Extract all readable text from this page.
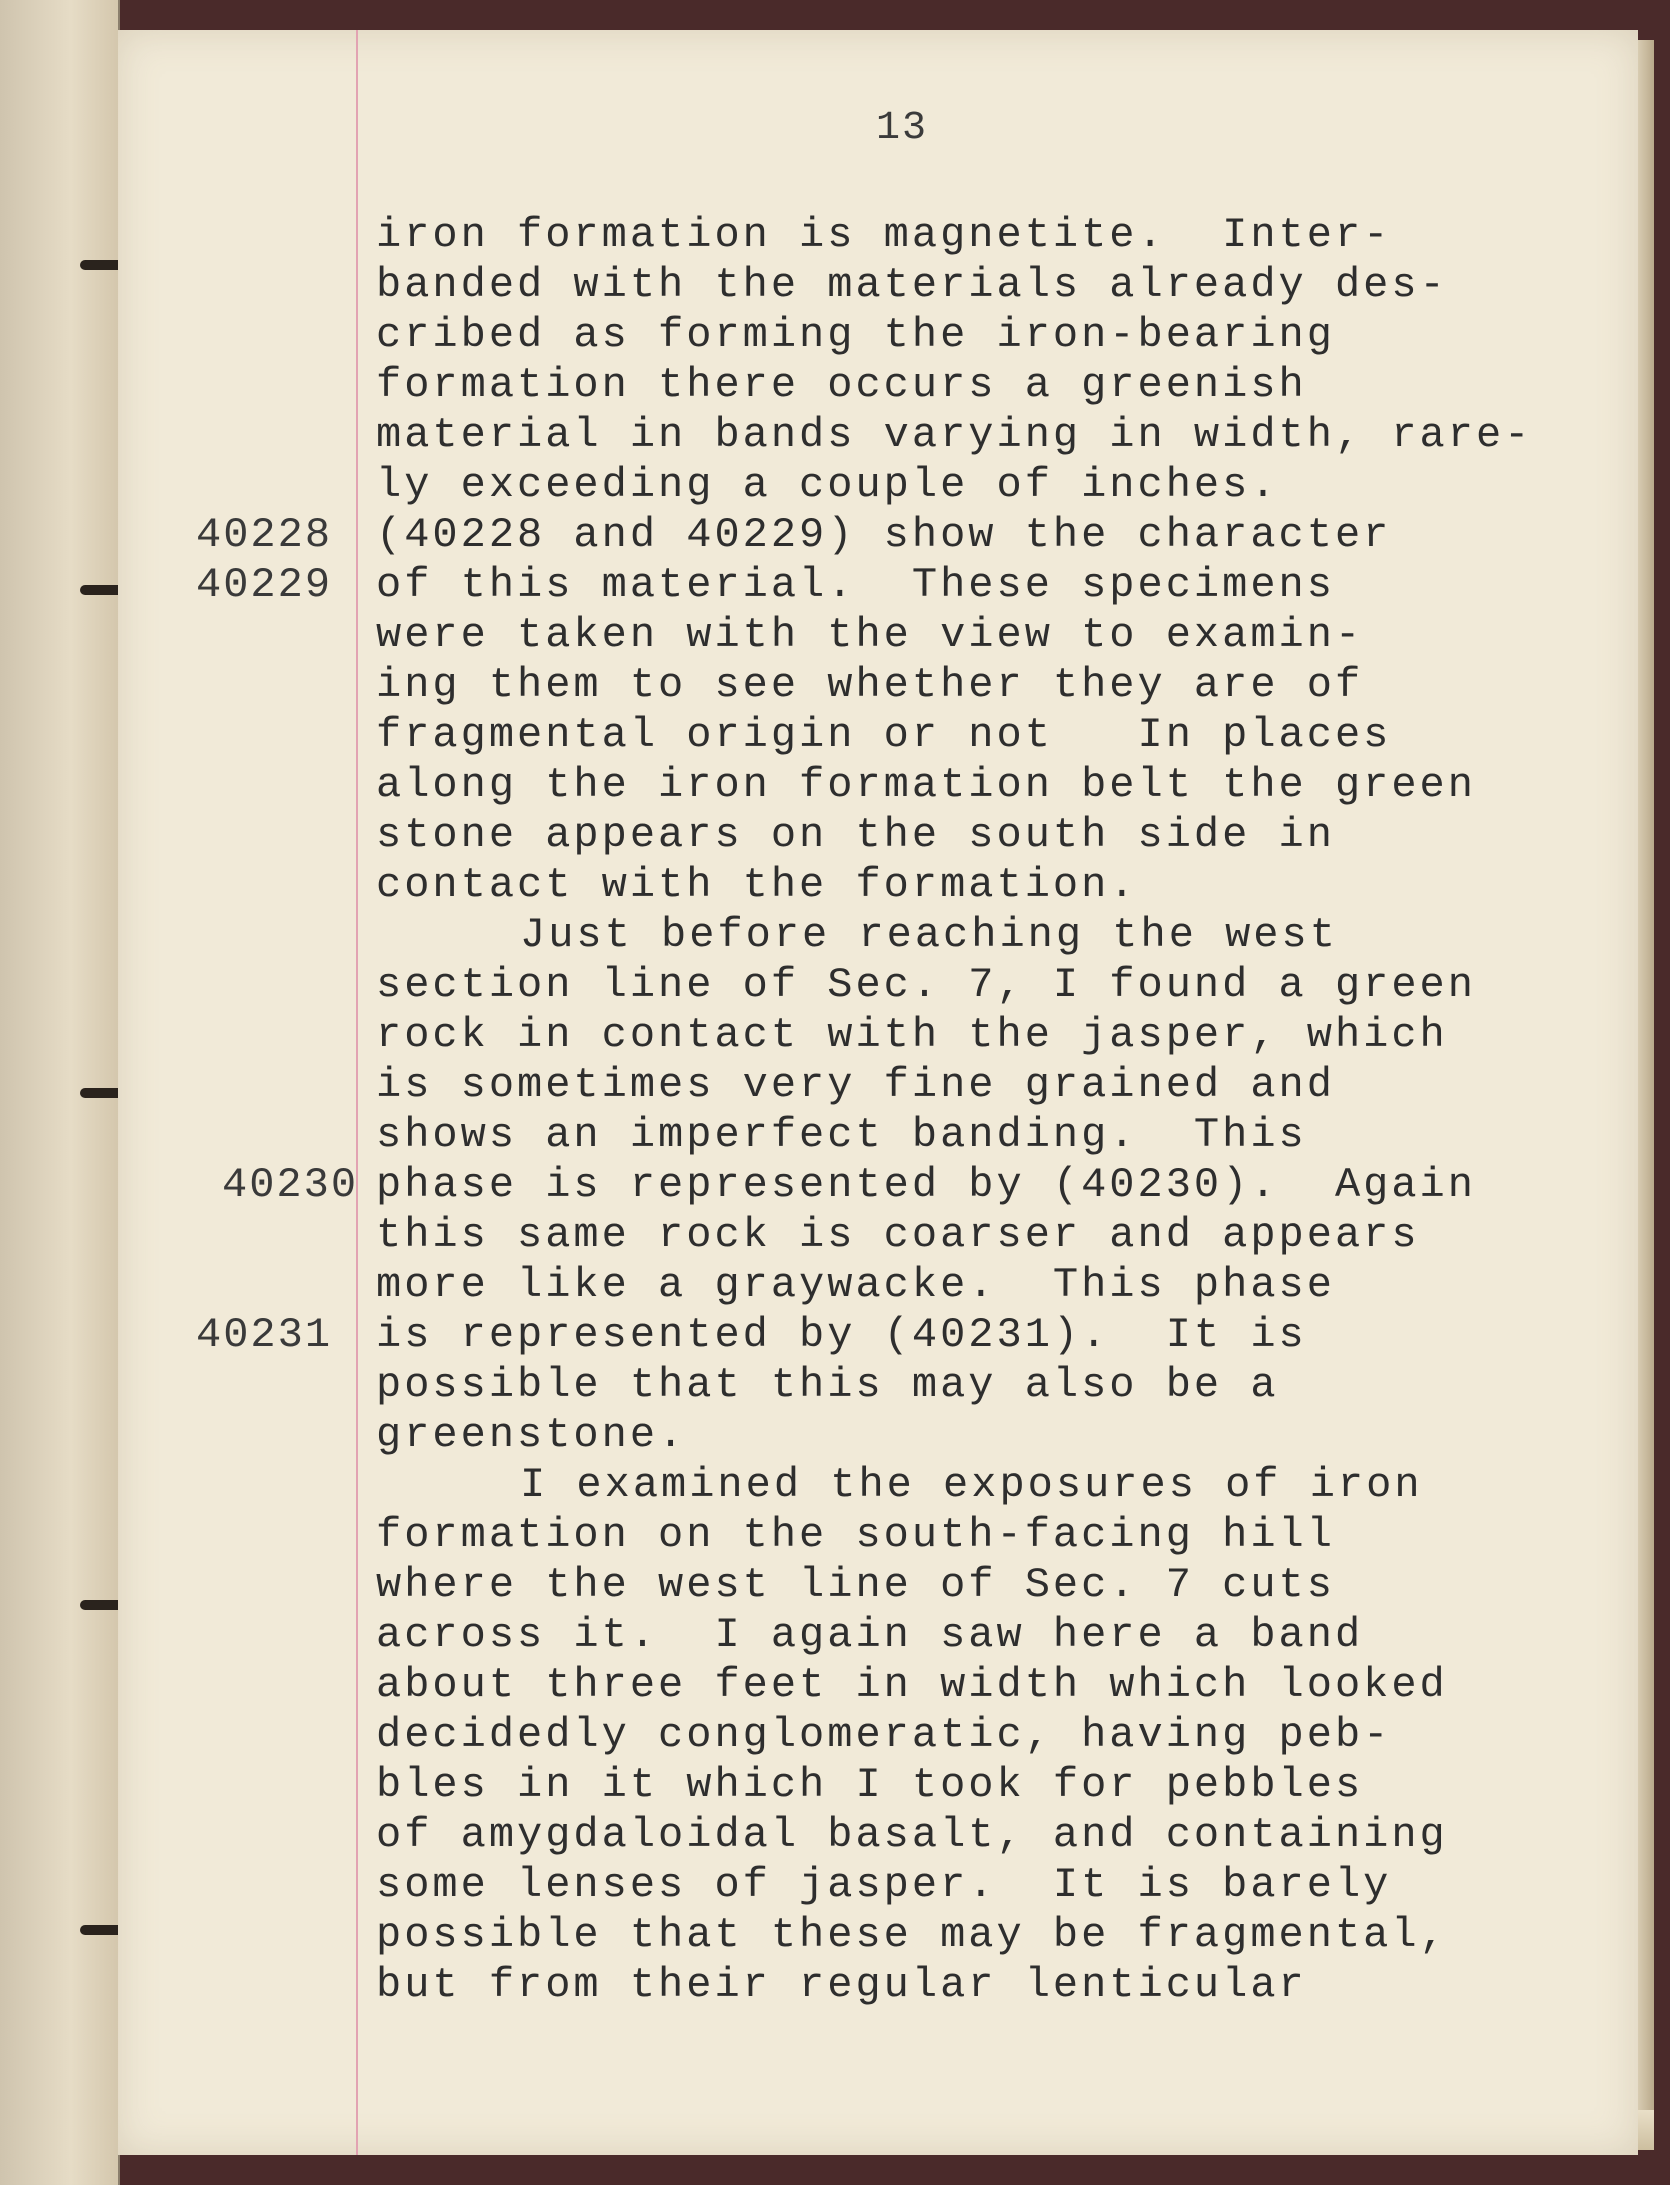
13
iron formation is magnetite.  Inter-
banded with the materials already des-
cribed as forming the iron-bearing
formation there occurs a greenish
material in bands varying in width, rare-
ly exceeding a couple of inches.
(40228 and 40229) show the character
of this material.  These specimens
were taken with the view to examin-
ing them to see whether they are of
fragmental origin or not   In places
along the iron formation belt the green
stone appears on the south side in
contact with the formation.
Just before reaching the west
section line of Sec. 7, I found a green
rock in contact with the jasper, which
is sometimes very fine grained and
shows an imperfect banding.  This
phase is represented by (40230).  Again
this same rock is coarser and appears
more like a graywacke.  This phase
is represented by (40231).  It is
possible that this may also be a
greenstone.
I examined the exposures of iron
formation on the south-facing hill
where the west line of Sec. 7 cuts
across it.  I again saw here a band
about three feet in width which looked
decidedly conglomeratic, having peb-
bles in it which I took for pebbles
of amygdaloidal basalt, and containing
some lenses of jasper.  It is barely
possible that these may be fragmental,
but from their regular lenticular
40228
40229
40230
40231
